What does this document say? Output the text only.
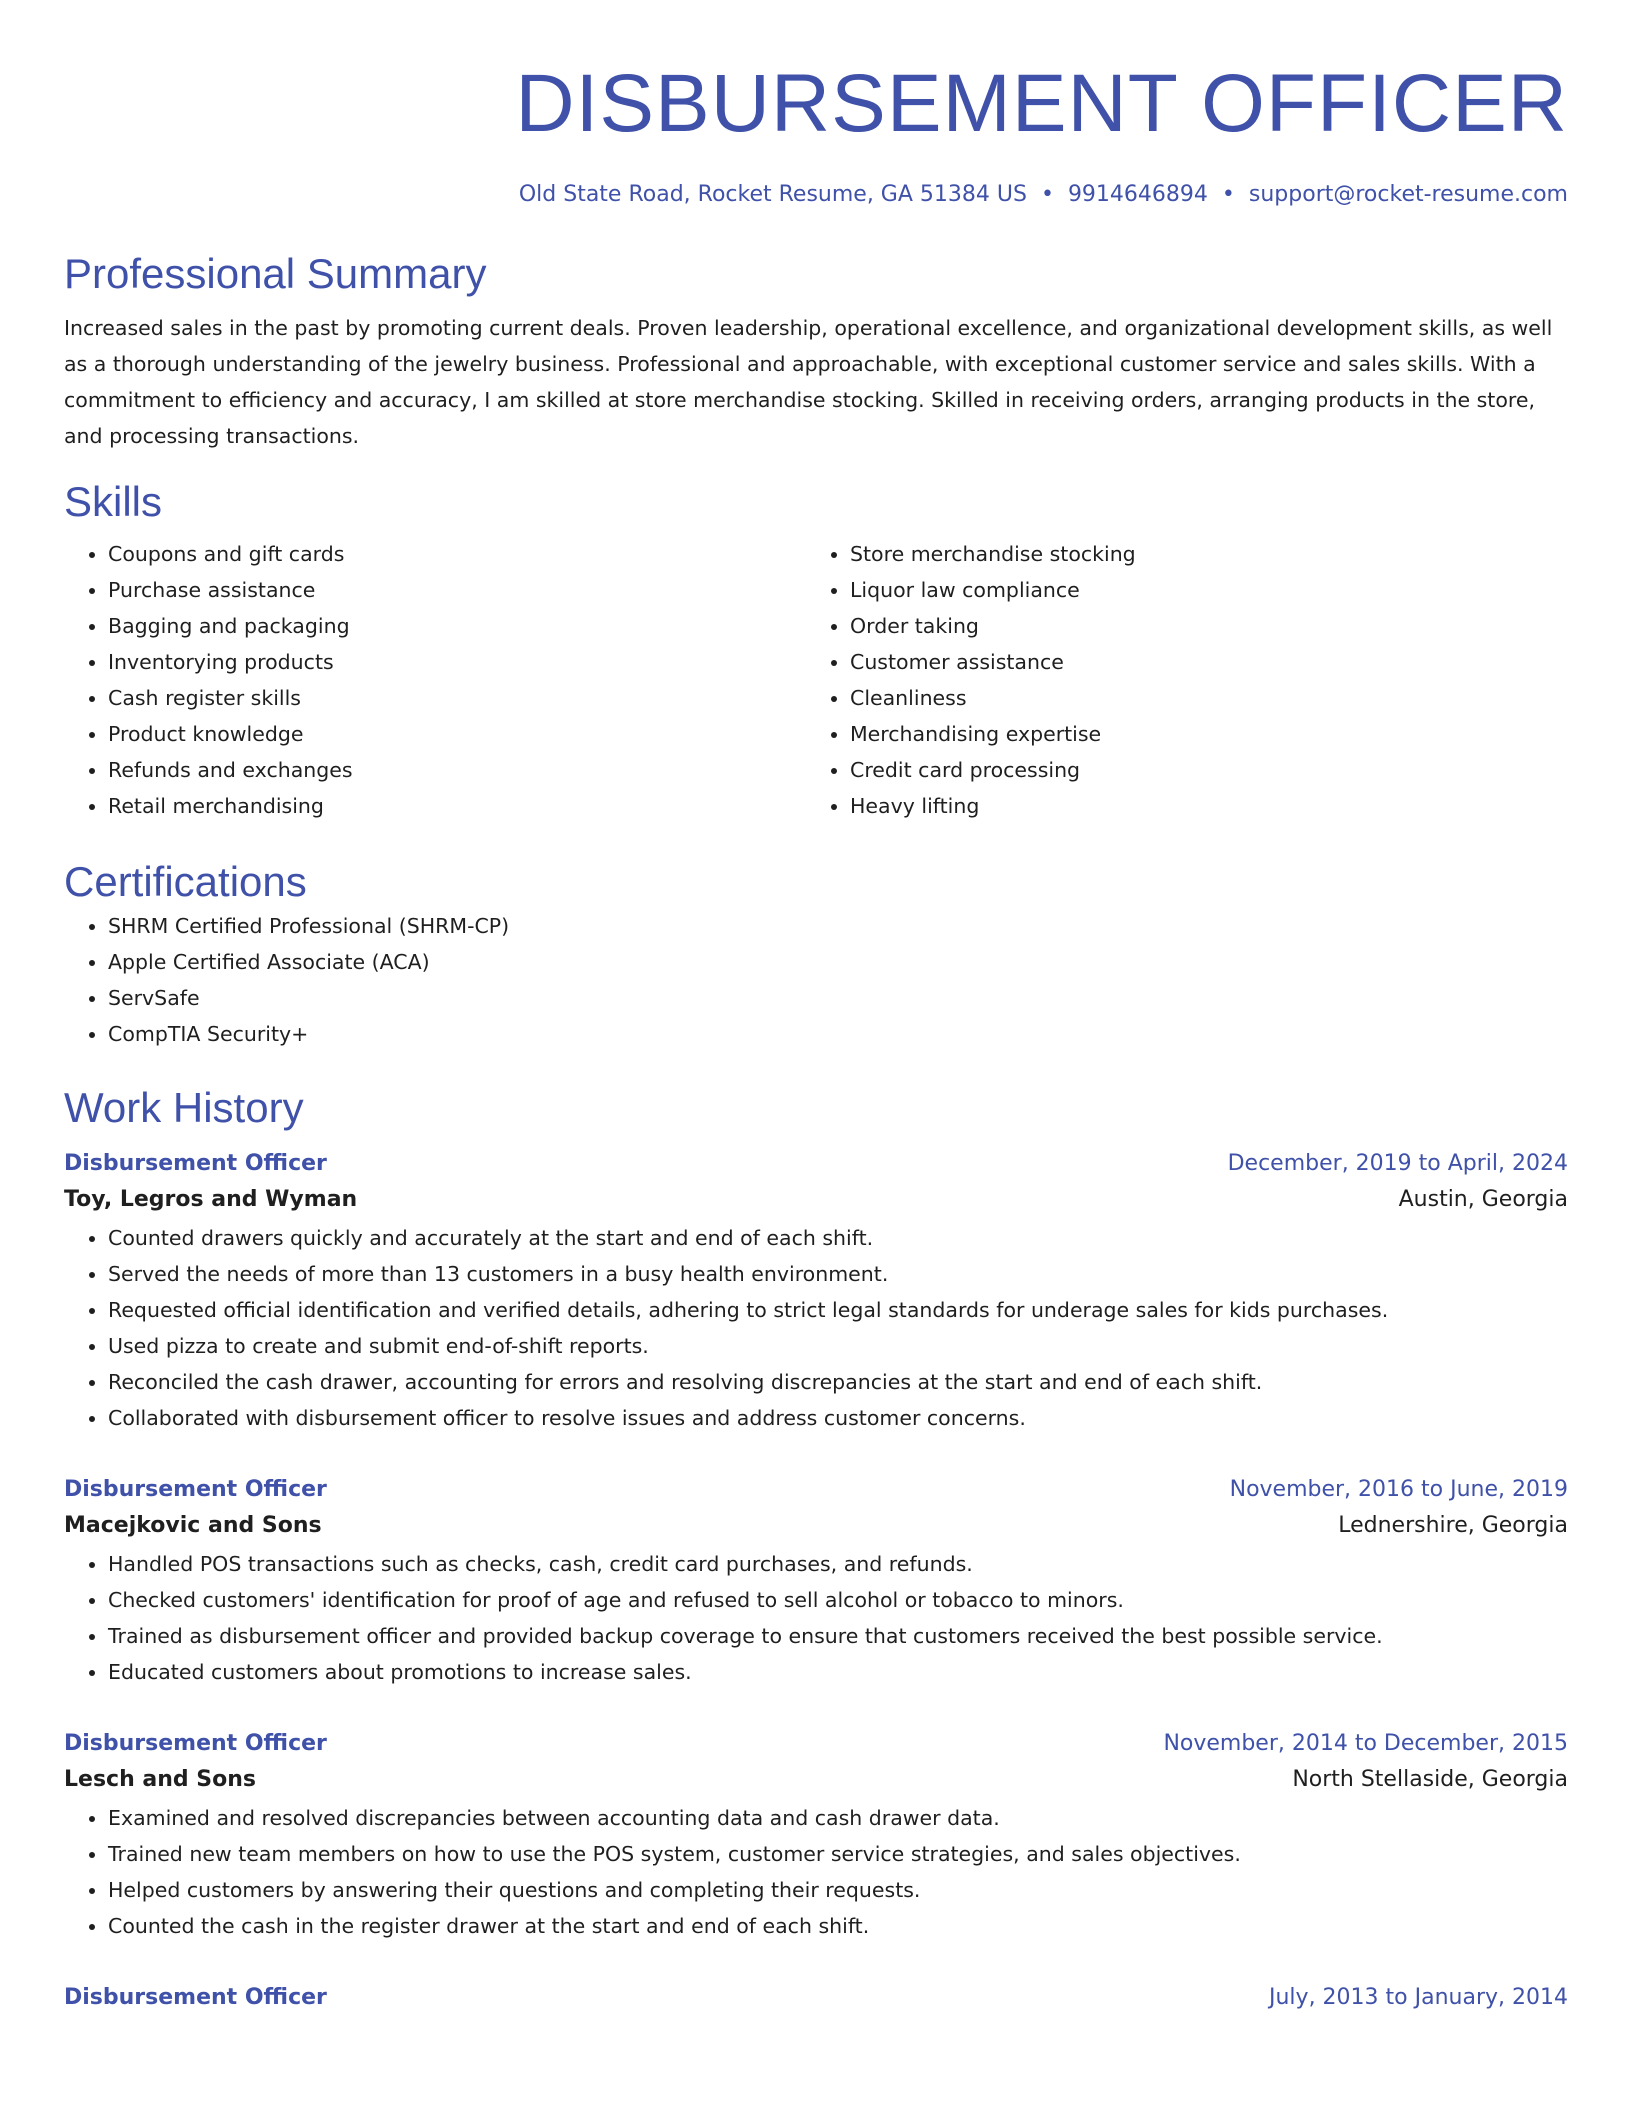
DISBURSEMENT OFFICER
Old State Road, Rocket Resume, GA 51384 US • 9914646894 • support@rocket-resume.com
Professional Summary
Increased sales in the past by promoting current deals. Proven leadership, operational excellence, and organizational development skills, as well as a thorough understanding of the jewelry business. Professional and approachable, with exceptional customer service and sales skills. With a commitment to efficiency and accuracy, I am skilled at store merchandise stocking. Skilled in receiving orders, arranging products in the store, and processing transactions.
Skills
• Coupons and gift cards
• Purchase assistance
• Bagging and packaging
• Inventorying products
• Cash register skills
• Product knowledge
• Refunds and exchanges
• Retail merchandising
• Store merchandise stocking
• Liquor law compliance
• Order taking
• Customer assistance
• Cleanliness
• Merchandising expertise
• Credit card processing
• Heavy lifting
Certifications
• SHRM Certified Professional (SHRM-CP)
• Apple Certified Associate (ACA)
• ServSafe
• CompTIA Security+
Work History
Disbursement Officer	December, 2019 to April, 2024
Toy, Legros and Wyman	Austin, Georgia
• Counted drawers quickly and accurately at the start and end of each shift.
• Served the needs of more than 13 customers in a busy health environment.
• Requested official identification and verified details, adhering to strict legal standards for underage sales for kids purchases.
• Used pizza to create and submit end-of-shift reports.
• Reconciled the cash drawer, accounting for errors and resolving discrepancies at the start and end of each shift.
• Collaborated with disbursement officer to resolve issues and address customer concerns.
Disbursement Officer	November, 2016 to June, 2019
Macejkovic and Sons	Lednershire, Georgia
• Handled POS transactions such as checks, cash, credit card purchases, and refunds.
• Checked customers' identification for proof of age and refused to sell alcohol or tobacco to minors.
• Trained as disbursement officer and provided backup coverage to ensure that customers received the best possible service.
• Educated customers about promotions to increase sales.
Disbursement Officer	November, 2014 to December, 2015
Lesch and Sons	North Stellaside, Georgia
• Examined and resolved discrepancies between accounting data and cash drawer data.
• Trained new team members on how to use the POS system, customer service strategies, and sales objectives.
• Helped customers by answering their questions and completing their requests.
• Counted the cash in the register drawer at the start and end of each shift.
Disbursement Officer	July, 2013 to January, 2014
